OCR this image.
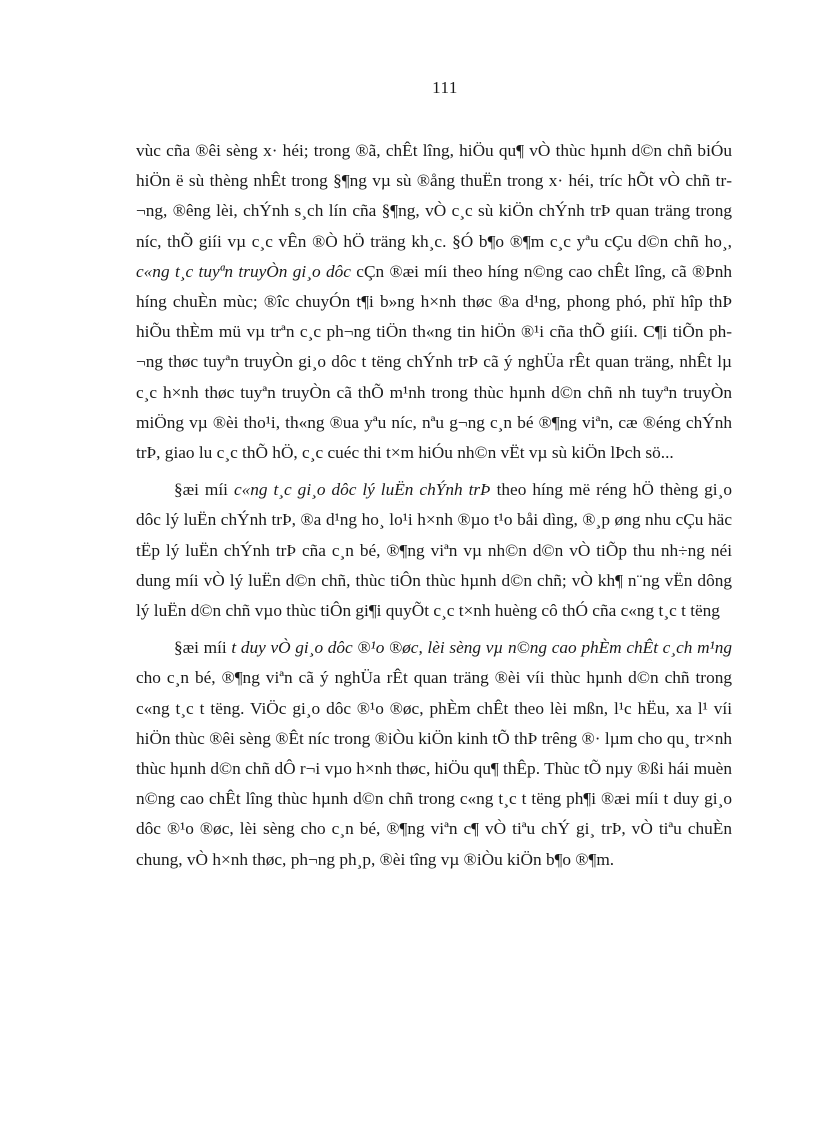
111

vùc cña ®êi sèng x· héi; trong ®ã, chÊt lîng, hiÖu qu¶ vÒ thùc hµnh d©n chñ biÓu hiÖn ë sù thèng nhÊt trong §¶ng vµ sù ®ång thuËn trong x· héi, tríc hÕt vÒ chñ tr¬ng, ®êng lèi, chÝnh s¸ch lín cña §¶ng, vÒ c¸c sù kiÖn chÝnh trÞ quan träng trong níc, thÕ giíi vµ c¸c vÊn ®Ò hÖ träng kh¸c. §Ó b¶o ®¶m c¸c yªu cÇu d©n chñ ho¸, c«ng t¸c tuyªn truyÒn gi¸o dôc cÇn ®æi míi theo híng n©ng cao chÊt lîng, cã ®Þnh híng chuÈn mùc; ®îc chuyÓn t¶i b»ng h×nh thøc ®a d¹ng, phong phó, phï hîp thÞ hiÕu thÈm mü vµ trªn c¸c ph¬ng tiÖn th«ng tin hiÖn ®¹i cña thÕ giíi. C¶i tiÕn ph¬ng thøc tuyªn truyÒn gi¸o dôc t tëng chÝnh trÞ cã ý nghÜa rÊt quan träng, nhÊt lµ c¸c h×nh thøc tuyªn truyÒn cã thÕ m¹nh trong thùc hµnh d©n chñ nh tuyªn truyÒn miÖng vµ ®èi tho¹i, th«ng ®ua yªu níc, nªu g¬ng c¸n bé ®¶ng viªn, cæ ®éng chÝnh trÞ, giao lu c¸c thÕ hÖ, c¸c cuéc thi t×m hiÓu nh©n vËt vµ sù kiÖn lÞch sö...

§æi míi c«ng t¸c gi¸o dôc lý luËn chÝnh trÞ theo híng më réng hÖ thèng gi¸o dôc lý luËn chÝnh trÞ, ®a d¹ng ho¸ lo¹i h×nh ®µo t¹o båi dìng, ®¸p øng nhu cÇu häc tËp lý luËn chÝnh trÞ cña c¸n bé, ®¶ng viªn vµ nh©n d©n vÒ tiÕp thu nh÷ng néi dung míi vÒ lý luËn d©n chñ, thùc tiÔn thùc hµnh d©n chñ; vÒ kh¶ n¨ng vËn dông lý luËn d©n chñ vµo thùc tiÔn gi¶i quyÕt c¸c t×nh huèng cô thÓ cña c«ng t¸c t tëng

§æi míi t duy vÒ gi¸o dôc ®¹o ®øc, lèi sèng vµ n©ng cao phÈm chÊt c¸ch m¹ng cho c¸n bé, ®¶ng viªn cã ý nghÜa rÊt quan träng ®èi víi thùc hµnh d©n chñ trong c«ng t¸c t tëng. ViÖc gi¸o dôc ®¹o ®øc, phÈm chÊt theo lèi mßn, l¹c hËu, xa l¹ víi hiÖn thùc ®êi sèng ®Êt níc trong ®iÒu kiÖn kinh tÕ thÞ trêng ®· lµm cho qu¸ tr×nh thùc hµnh d©n chñ dÔ r¬i vµo h×nh thøc, hiÖu qu¶ thÊp. Thùc tÕ nµy ®ßi hái muèn n©ng cao chÊt lîng thùc hµnh d©n chñ trong c«ng t¸c t tëng ph¶i ®æi míi t duy gi¸o dôc ®¹o ®øc, lèi sèng cho c¸n bé, ®¶ng viªn c¶ vÒ tiªu chÝ gi¸ trÞ, vÒ tiªu chuÈn chung, vÒ h×nh thøc, ph¬ng ph¸p, ®èi tîng vµ ®iÒu kiÖn b¶o ®¶m.
